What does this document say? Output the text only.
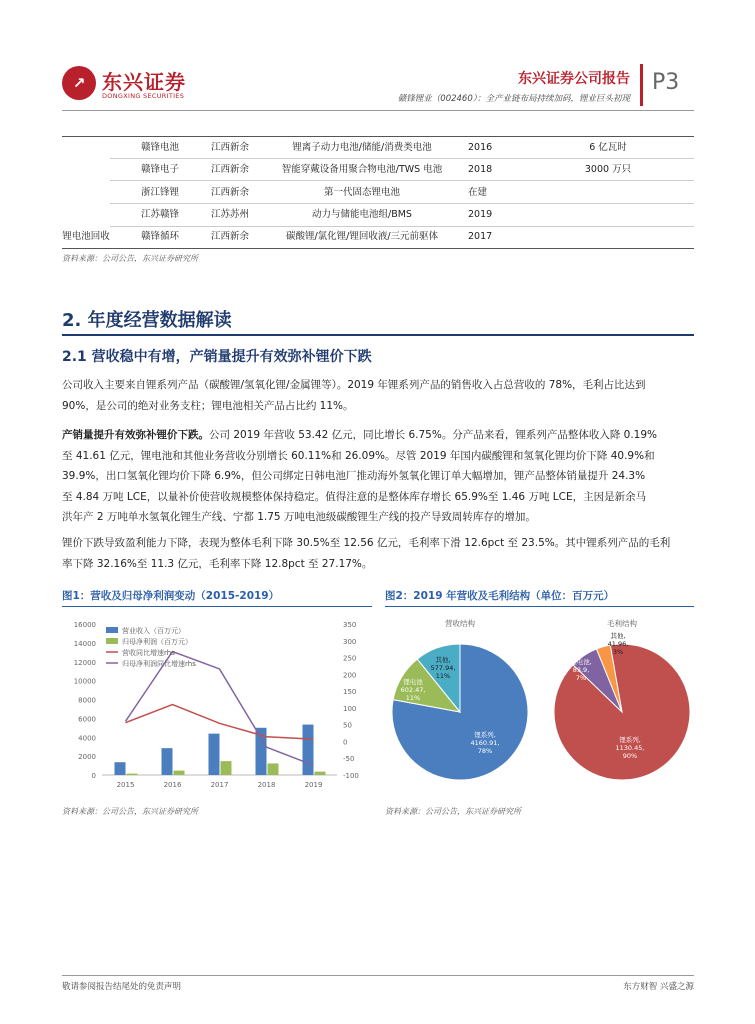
↗ 东兴证券
DONGXING SECURITIES
东兴证券公司报告
赣锋锂业（002460）：全产业链布局持续加码，锂业巨头初现
P3
赣锋电池	江西新余	锂离子动力电池/储能/消费类电池	2016	6 亿瓦时
赣锋电子	江西新余	智能穿戴设备用聚合物电池/TWS 电池	2018	3000 万只
浙江锋锂	江西新余	第一代固态锂电池	在建
江苏赣锋	江苏苏州	动力与储能电池组/BMS	2019
锂电池回收	赣锋循环	江西新余	碳酸锂/氯化锂/锂回收液/三元前驱体	2017
资料来源：公司公告，东兴证券研究所
2. 年度经营数据解读
2.1 营收稳中有增，产销量提升有效弥补锂价下跌
公司收入主要来自锂系列产品（碳酸锂/氢氧化锂/金属锂等）。2019 年锂系列产品的销售收入占总营收的 78%，毛利占比达到
90%，是公司的绝对业务支柱；锂电池相关产品占比约 11%。
产销量提升有效弥补锂价下跌。公司 2019 年营收 53.42 亿元，同比增长 6.75%。分产品来看，锂系列产品整体收入降 0.19%
至 41.61 亿元，锂电池和其他业务营收分别增长 60.11%和 26.09%。尽管 2019 年国内碳酸锂和氢氧化锂均价下降 40.9%和
39.9%，出口氢氧化锂均价下降 6.9%，但公司绑定日韩电池厂推动海外氢氧化锂订单大幅增加，锂产品整体销量提升 24.3%
至 4.84 万吨 LCE，以量补价使营收规模整体保持稳定。值得注意的是整体库存增长 65.9%至 1.46 万吨 LCE，主因是新余马
洪年产 2 万吨单水氢氧化锂生产线、宁都 1.75 万吨电池级碳酸锂生产线的投产导致周转库存的增加。
锂价下跌导致盈利能力下降，表现为整体毛利下降 30.5%至 12.56 亿元，毛利率下滑 12.6pct 至 23.5%。其中锂系列产品的毛利
率下降 32.16%至 11.3 亿元，毛利率下降 12.8pct 至 27.17%。
图1：营收及归母净利润变动（2015-2019）	图2：2019 年营收及毛利结构（单位：百万元）
16000
14000
12000
10000
8000
6000
4000
2000
0
350
300
250
200
150
100
50
0
-50
-100
2015	2016	2017	2018	2019
营业收入（百万元）
归母净利润（百万元）
营收同比增速rhs
归母净利润同比增速rhs
营收结构
锂系列,
4160.91,
78%
锂电池
602.47,
11%
其他,
577.94,
11%
毛利结构
锂系列,
1130.45,
90%
锂电池,
83.9,
7%
其他,
41.96,
3%
资料来源：公司公告，东兴证券研究所	资料来源：公司公告，东兴证券研究所
敬请参阅报告结尾处的免责声明	东方财智 兴盛之源
